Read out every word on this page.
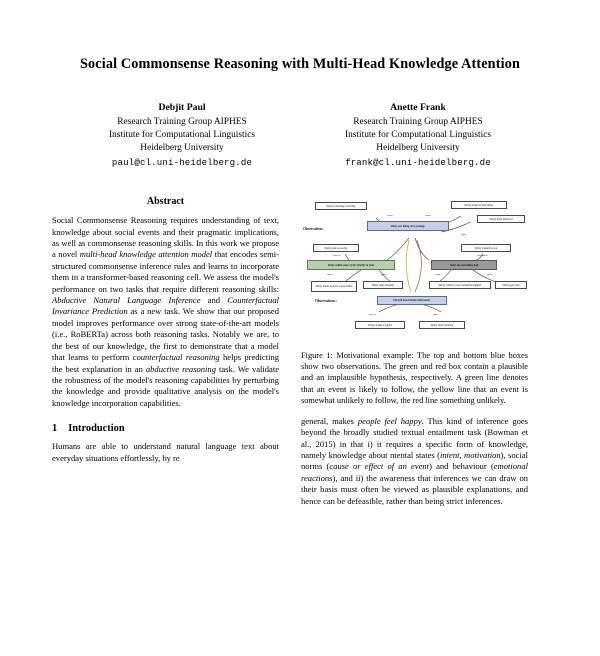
Social Commonsense Reasoning with Multi-Head Knowledge Attention
Debjit Paul
Research Training Group AIPHES
Institute for Computational Linguistics
Heidelberg University
paul@cl.uni-heidelberg.de
Anette Frank
Research Training Group AIPHES
Institute for Computational Linguistics
Heidelberg University
frank@cl.uni-heidelberg.de
Abstract

Social Commonsense Reasoning requires understanding of text, knowledge about social events and their pragmatic implications, as well as commonsense reasoning skills. In this work we propose a novel multi-head knowledge attention model that encodes semi-structured commonsense inference rules and learns to incorporate them in a transformer-based reasoning cell. We assess the model's performance on two tasks that require different reasoning skills: Abductive Natural Language Inference and Counterfactual Invariance Prediction as a new task. We show that our proposed model improves performance over strong state-of-the-art models (i.e., RoBERTa) across both reasoning tasks. Notably we are, to the best of our knowledge, the first to demonstrate that a model that learns to perform counterfactual reasoning helps predicting the best explanation in an abductive reasoning task. We validate the robustness of the model's reasoning capabilities by perturbing the knowledge and provide qualitative analysis on the model's knowledge incorporation capabilities.

1 Introduction

Humans are able to understand natural language text about everyday situations effortlessly, by re

Dotty is having a bad day	Dotty wants to feel better
cause	wants
Observation:
Dotty was being very grumpy.
Dotty feels annoyed
effect
Dotty seen as social	Dotty wanted to eat
seen as	motivation
Dotty called some of her friends to chat	Dotty ate something bad
intent	effect	want	effect
Dotty needs to have a good time	Dotty feels friendly	Dotty wants to see a stomach ingeller	Dotty gets sick
Observations :	She felt much better afterwards.
seen as	effect
Dotty wants a friend	Dotty feels relieved

Figure 1: Motivational example: The top and bottom blue boxes show two observations. The green and red box contain a plausible and an implausible hypothesis, respectively. A green line denotes that an event is likely to follow, the yellow line that an event is somewhat unlikely to follow, the red line something unlikely.

general, makes people feel happy. This kind of inference goes beyond the broadly studied textual entailment task (Bowman et al., 2015) in that i) it requires a specific form of knowledge, namely knowledge about mental states (intent, motivation), social norms (cause or effect of an event) and behaviour (emotional reactions), and ii) the awareness that inferences we can draw on their basis must often be viewed as plausible explanations, and hence can be defeasible, rather than being strict inferences.
